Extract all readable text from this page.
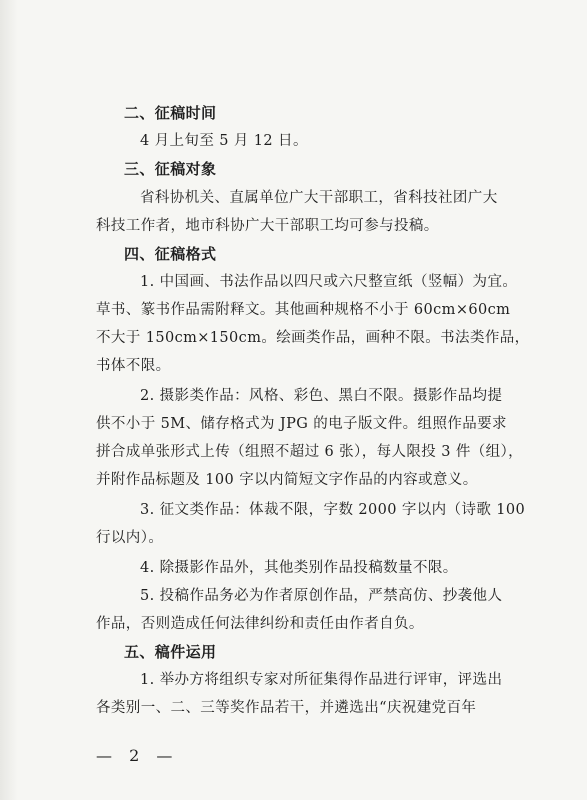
二、征稿时间
4 月上旬至 5 月 12 日。
三、征稿对象
省科协机关、直属单位广大干部职工，省科技社团广大
科技工作者，地市科协广大干部职工均可参与投稿。
四、征稿格式
1. 中国画、书法作品以四尺或六尺整宣纸（竖幅）为宜。
草书、篆书作品需附释文。其他画种规格不小于 60cm×60cm
不大于 150cm×150cm。绘画类作品，画种不限。书法类作品，
书体不限。
2. 摄影类作品：风格、彩色、黑白不限。摄影作品均提
供不小于 5M、储存格式为 JPG 的电子版文件。组照作品要求
拼合成单张形式上传（组照不超过 6 张），每人限投 3 件（组），
并附作品标题及 100 字以内简短文字作品的内容或意义。
3. 征文类作品：体裁不限，字数 2000 字以内（诗歌 100
行以内）。
4. 除摄影作品外，其他类别作品投稿数量不限。
5. 投稿作品务必为作者原创作品，严禁高仿、抄袭他人
作品，否则造成任何法律纠纷和责任由作者自负。
五、稿件运用
1. 举办方将组织专家对所征集得作品进行评审，评选出
各类别一、二、三等奖作品若干，并遴选出“庆祝建党百年
— 2 —
